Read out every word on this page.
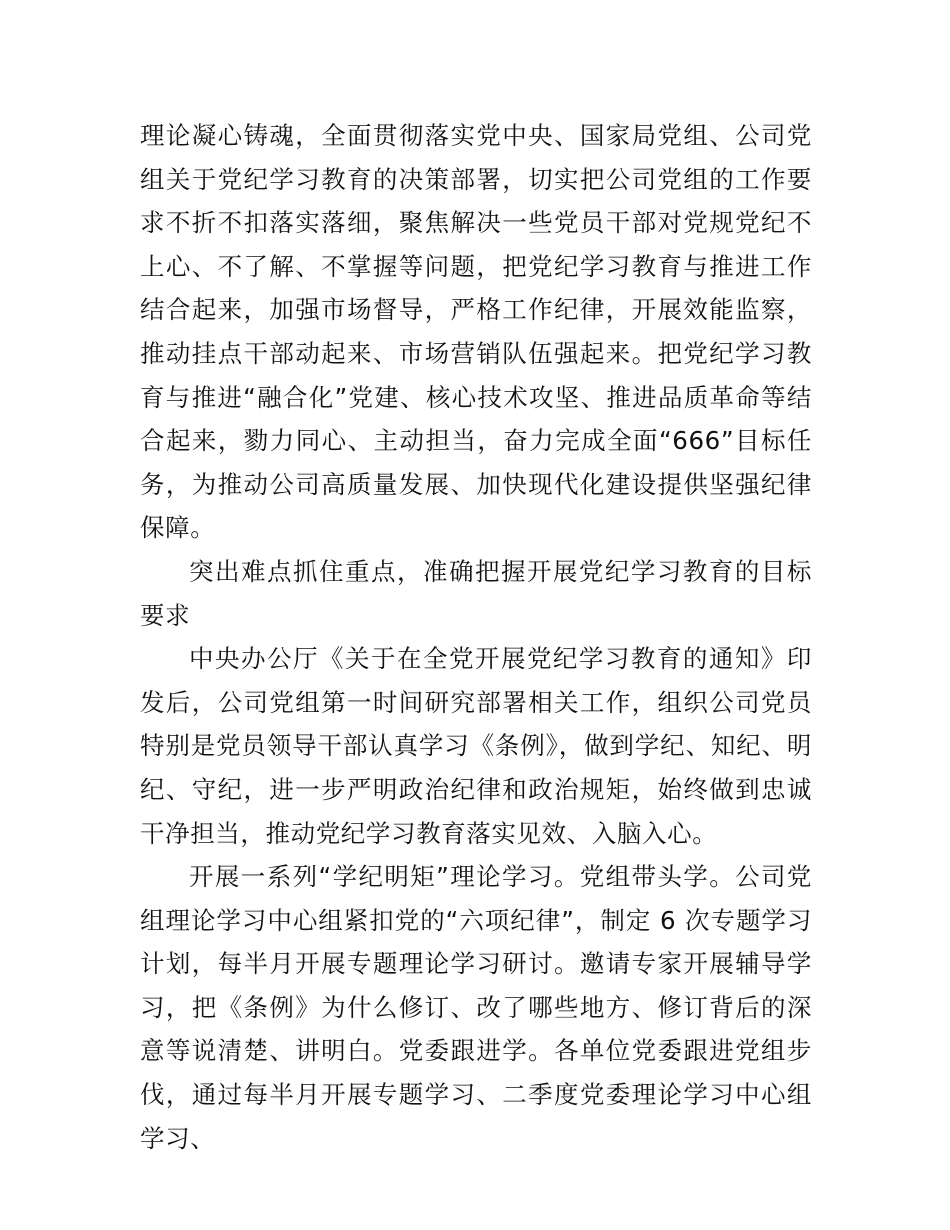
理论凝心铸魂，全面贯彻落实党中央、国家局党组、公司党组关于党纪学习教育的决策部署，切实把公司党组的工作要求不折不扣落实落细，聚焦解决一些党员干部对党规党纪不上心、不了解、不掌握等问题，把党纪学习教育与推进工作结合起来，加强市场督导，严格工作纪律，开展效能监察，推动挂点干部动起来、市场营销队伍强起来。把党纪学习教育与推进“融合化”党建、核心技术攻坚、推进品质革命等结合起来，勠力同心、主动担当，奋力完成全面“666”目标任务，为推动公司高质量发展、加快现代化建设提供坚强纪律保障。

突出难点抓住重点，准确把握开展党纪学习教育的目标要求

中央办公厅《关于在全党开展党纪学习教育的通知》印发后，公司党组第一时间研究部署相关工作，组织公司党员特别是党员领导干部认真学习《条例》，做到学纪、知纪、明纪、守纪，进一步严明政治纪律和政治规矩，始终做到忠诚干净担当，推动党纪学习教育落实见效、入脑入心。

开展一系列“学纪明矩”理论学习。党组带头学。公司党组理论学习中心组紧扣党的“六项纪律”，制定 6 次专题学习计划，每半月开展专题理论学习研讨。邀请专家开展辅导学习，把《条例》为什么修订、改了哪些地方、修订背后的深意等说清楚、讲明白。党委跟进学。各单位党委跟进党组步伐，通过每半月开展专题学习、二季度党委理论学习中心组学习、
